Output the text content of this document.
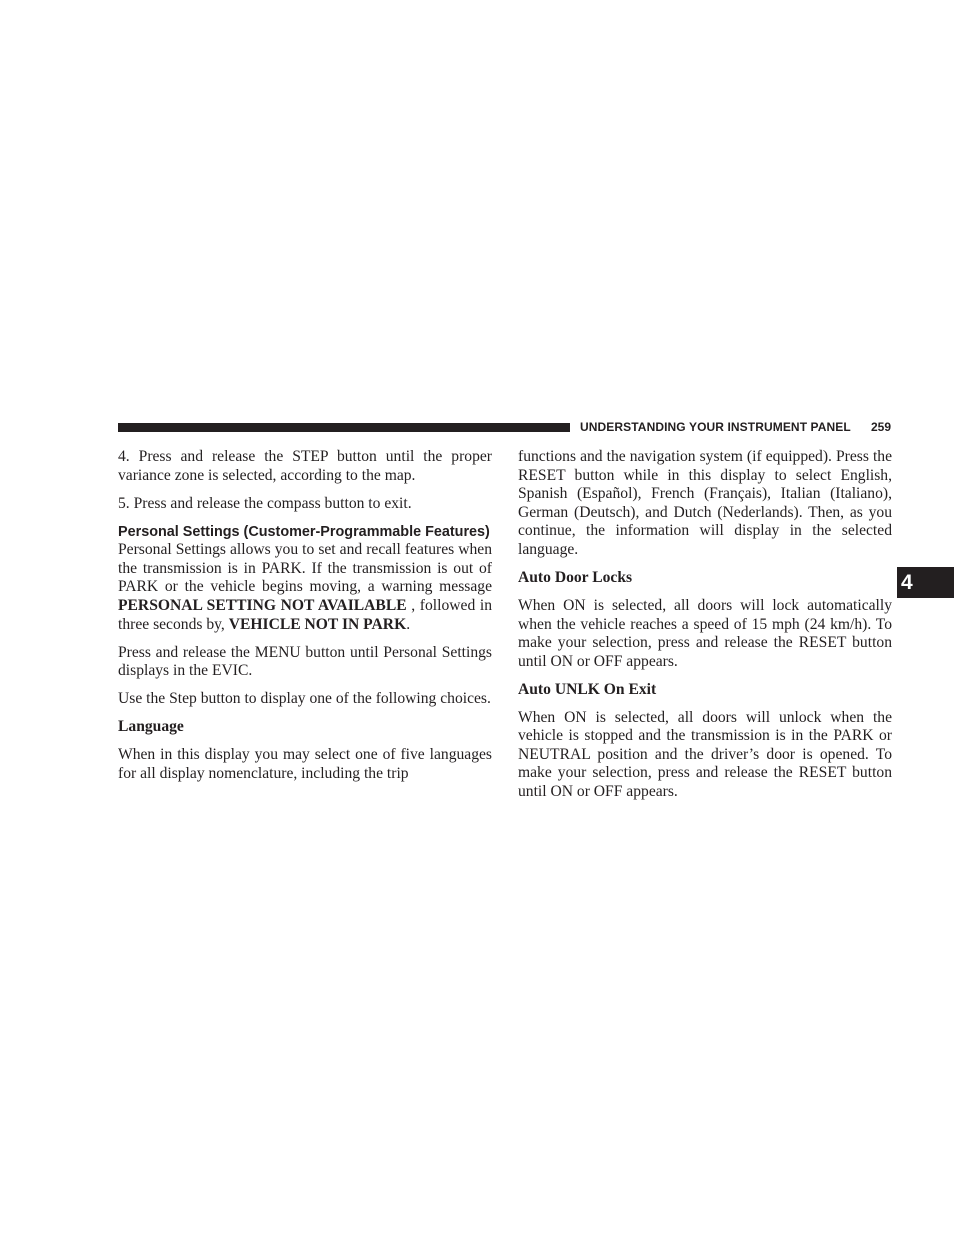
UNDERSTANDING YOUR INSTRUMENT PANEL 259
4

4. Press and release the STEP button until the proper variance zone is selected, according to the map.

5. Press and release the compass button to exit.

Personal Settings (Customer-Programmable Features)

Personal Settings allows you to set and recall features when the transmission is in PARK. If the transmission is out of PARK or the vehicle begins moving, a warning message PERSONAL SETTING NOT AVAILABLE , followed in three seconds by, VEHICLE NOT IN PARK.

Press and release the MENU button until Personal Settings displays in the EVIC.

Use the Step button to display one of the following choices.

Language

When in this display you may select one of five languages for all display nomenclature, including the trip

functions and the navigation system (if equipped). Press the RESET button while in this display to select English, Spanish (Español), French (Français), Italian (Italiano), German (Deutsch), and Dutch (Nederlands). Then, as you continue, the information will display in the selected language.

Auto Door Locks

When ON is selected, all doors will lock automatically when the vehicle reaches a speed of 15 mph (24 km/h). To make your selection, press and release the RESET button until ON or OFF appears.

Auto UNLK On Exit

When ON is selected, all doors will unlock when the vehicle is stopped and the transmission is in the PARK or NEUTRAL position and the driver’s door is opened. To make your selection, press and release the RESET button until ON or OFF appears.
